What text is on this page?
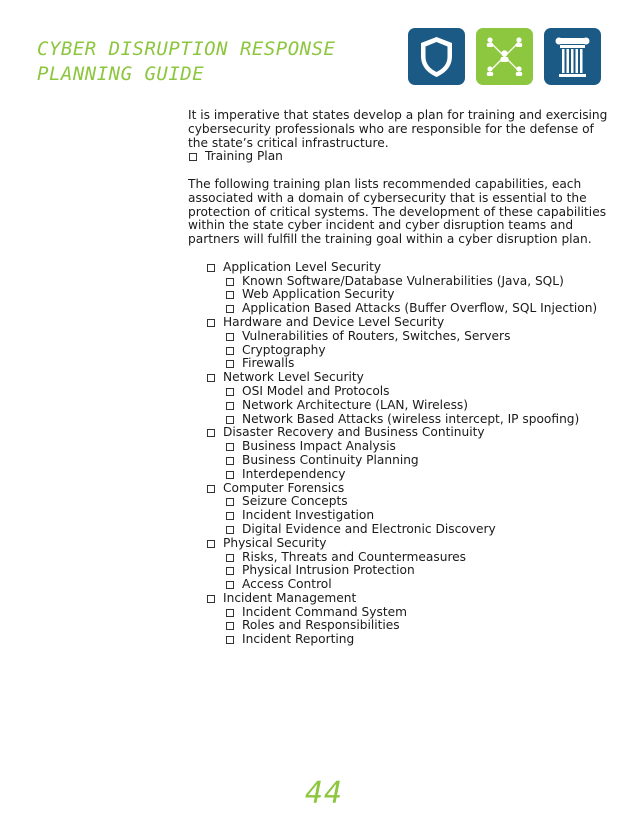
CYBER DISRUPTION RESPONSE
PLANNING GUIDE

It is imperative that states develop a plan for training and exercising cybersecurity professionals who are responsible for the defense of the state’s critical infrastructure.

Training Plan

The following training plan lists recommended capabilities, each associated with a domain of cybersecurity that is essential to the protection of critical systems. The development of these capabilities within the state cyber incident and cyber disruption teams and partners will fulfill the training goal within a cyber disruption plan.

Application Level Security
Known Software/Database Vulnerabilities (Java, SQL)
Web Application Security
Application Based Attacks (Buffer Overflow, SQL Injection)
Hardware and Device Level Security
Vulnerabilities of Routers, Switches, Servers
Cryptography
Firewalls
Network Level Security
OSI Model and Protocols
Network Architecture (LAN, Wireless)
Network Based Attacks (wireless intercept, IP spoofing)
Disaster Recovery and Business Continuity
Business Impact Analysis
Business Continuity Planning
Interdependency
Computer Forensics
Seizure Concepts
Incident Investigation
Digital Evidence and Electronic Discovery
Physical Security
Risks, Threats and Countermeasures
Physical Intrusion Protection
Access Control
Incident Management
Incident Command System
Roles and Responsibilities
Incident Reporting
44
